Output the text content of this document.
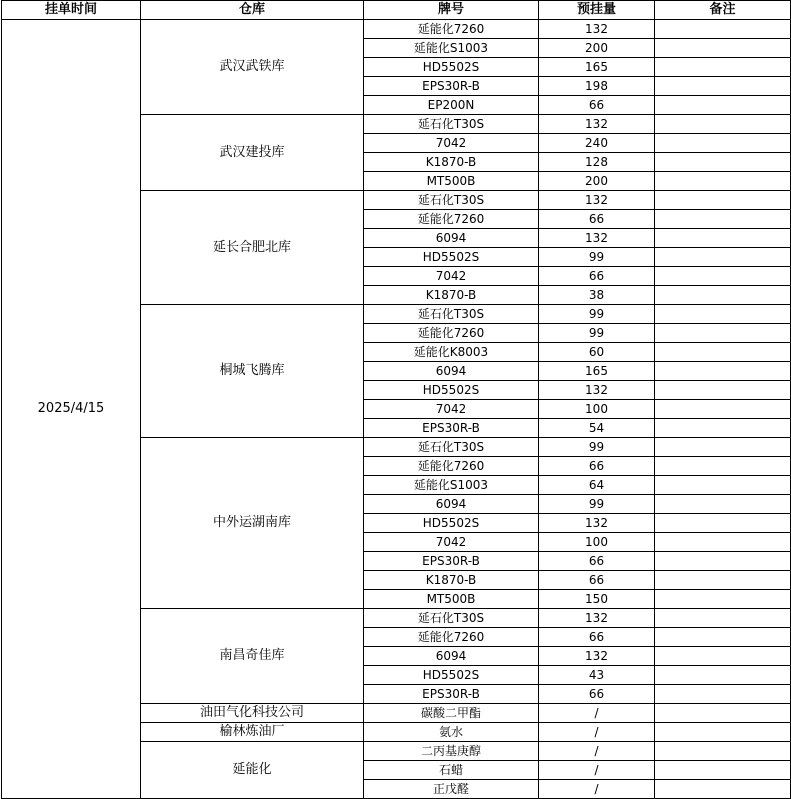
挂单时间	仓库	牌号	预挂量	备注
2025/4/15	武汉武铁库	延能化7260	132	
		延能化S1003	200	
		HD5502S	165	
		EPS30R-B	198	
		EP200N	66	
	武汉建投库	延石化T30S	132	
		7042	240	
		K1870-B	128	
		MT500B	200	
	延长合肥北库	延石化T30S	132	
		延能化7260	66	
		6094	132	
		HD5502S	99	
		7042	66	
		K1870-B	38	
	桐城飞腾库	延石化T30S	99	
		延能化7260	99	
		延能化K8003	60	
		6094	165	
		HD5502S	132	
		7042	100	
		EPS30R-B	54	
	中外运湖南库	延石化T30S	99	
		延能化7260	66	
		延能化S1003	64	
		6094	99	
		HD5502S	132	
		7042	100	
		EPS30R-B	66	
		K1870-B	66	
		MT500B	150	
	南昌奇佳库	延石化T30S	132	
		延能化7260	66	
		6094	132	
		HD5502S	43	
		EPS30R-B	66	
	油田气化科技公司	碳酸二甲酯	/	
	榆林炼油厂	氨水	/	
	延能化	二丙基庚醇	/	
		石蜡	/	
		正戊醛	/	
